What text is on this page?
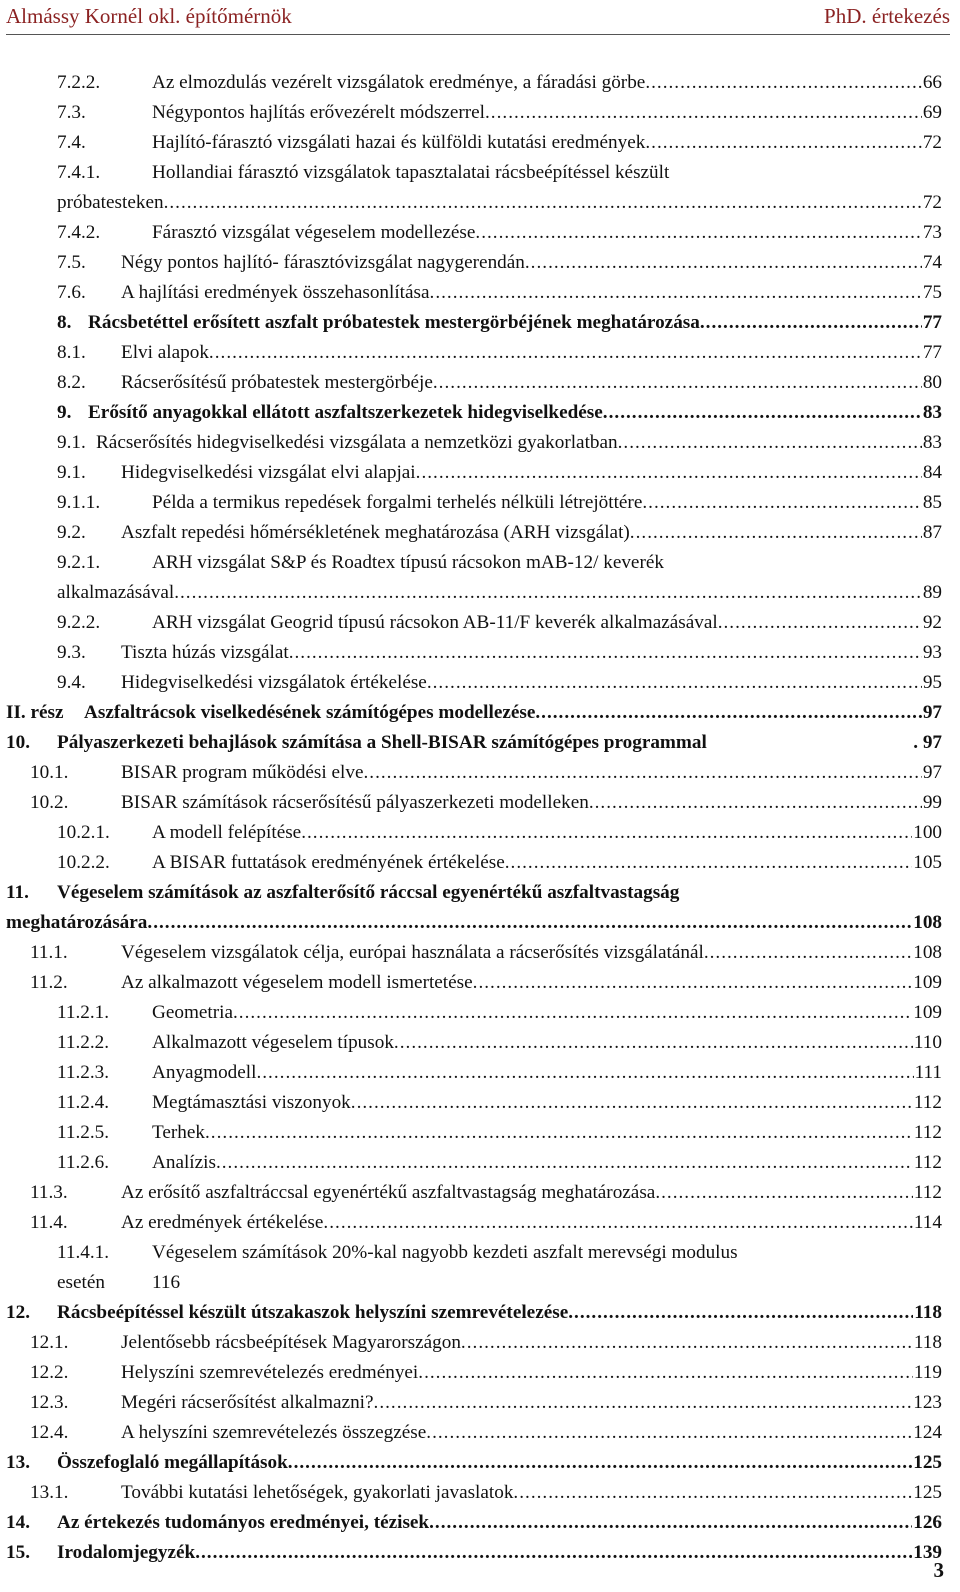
Almássy Kornél okl. építőmérnök	PhD. értekezés
7.2.2.	Az elmozdulás vezérelt vizsgálatok eredménye, a fáradási görbe .....	66
7.3.	Négypontos hajlítás erővezérelt módszerrel .....	69
7.4.	Hajlító-fárasztó vizsgálati hazai és külföldi kutatási eredmények .....	72
7.4.1.	Hollandiai fárasztó vizsgálatok tapasztalatai rácsbeépítéssel készült
próbatesteken .....	72
7.4.2.	Fárasztó vizsgálat végeselem modellezése .....	73
7.5. Négy pontos hajlító- fárasztóvizsgálat nagygerendán .....	74
7.6. A hajlítási eredmények összehasonlítása .....	75
8. Rácsbetéttel erősített aszfalt próbatestek mestergörbéjének meghatározása .....	77
8.1. Elvi alapok .....	77
8.2. Rácserősítésű próbatestek mestergörbéje .....	80
9. Erősítő anyagokkal ellátott aszfaltszerkezetek hidegviselkedése .....	83
9.1. Rácserősítés hidegviselkedési vizsgálata a nemzetközi gyakorlatban .....	83
9.1. Hidegviselkedési vizsgálat elvi alapjai .....	84
9.1.1.	Példa a termikus repedések forgalmi terhelés nélküli létrejöttére .....	85
9.2. Aszfalt repedési hőmérsékletének meghatározása (ARH vizsgálat) .....	87
9.2.1.	ARH vizsgálat S&P és Roadtex típusú rácsokon mAB-12/ keverék
alkalmazásával .....	89
9.2.2.	ARH vizsgálat Geogrid típusú rácsokon AB-11/F keverék alkalmazásával .....	92
9.3. Tiszta húzás vizsgálat .....	93
9.4. Hidegviselkedési vizsgálatok értékelése .....	95
II. rész Aszfaltrácsok viselkedésének számítógépes modellezése .....	97
10. Pályaszerkezeti behajlások számítása a Shell-BISAR számítógépes programmal	. 97
10.1.	BISAR program működési elve .....	97
10.2.	BISAR számítások rácserősítésű pályaszerkezeti modelleken .....	99
10.2.1. A modell felépítése .....	100
10.2.2. A BISAR futtatások eredményének értékelése .....	105
11. Végeselem számítások az aszfalterősítő ráccsal egyenértékű aszfaltvastagság
meghatározására .....	108
11.1.	Végeselem vizsgálatok célja, európai használata a rácserősítés vizsgálatánál .....	108
11.2.	Az alkalmazott végeselem modell ismertetése .....	109
11.2.1. Geometria .....	109
11.2.2. Alkalmazott végeselem típusok .....	110
11.2.3. Anyagmodell .....	111
11.2.4. Megtámasztási viszonyok .....	112
11.2.5. Terhek .....	112
11.2.6. Analízis .....	112
11.3.	Az erősítő aszfaltráccsal egyenértékű aszfaltvastagság meghatározása .....	112
11.4.	Az eredmények értékelése .....	114
11.4.1. Végeselem számítások 20%-kal nagyobb kezdeti aszfalt merevségi modulus
esetén	116
12. Rácsbeépítéssel készült útszakaszok helyszíni szemrevételezése .....	118
12.1.	Jelentősebb rácsbeépítések Magyarországon .....	118
12.2.	Helyszíni szemrevételezés eredményei .....	119
12.3.	Megéri rácserősítést alkalmazni? .....	123
12.4.	A helyszíni szemrevételezés összegzése .....	124
13. Összefoglaló megállapítások .....	125
13.1.	További kutatási lehetőségek, gyakorlati javaslatok .....	125
14. Az értekezés tudományos eredményei, tézisek .....	126
15. Irodalomjegyzék .....	139
3
